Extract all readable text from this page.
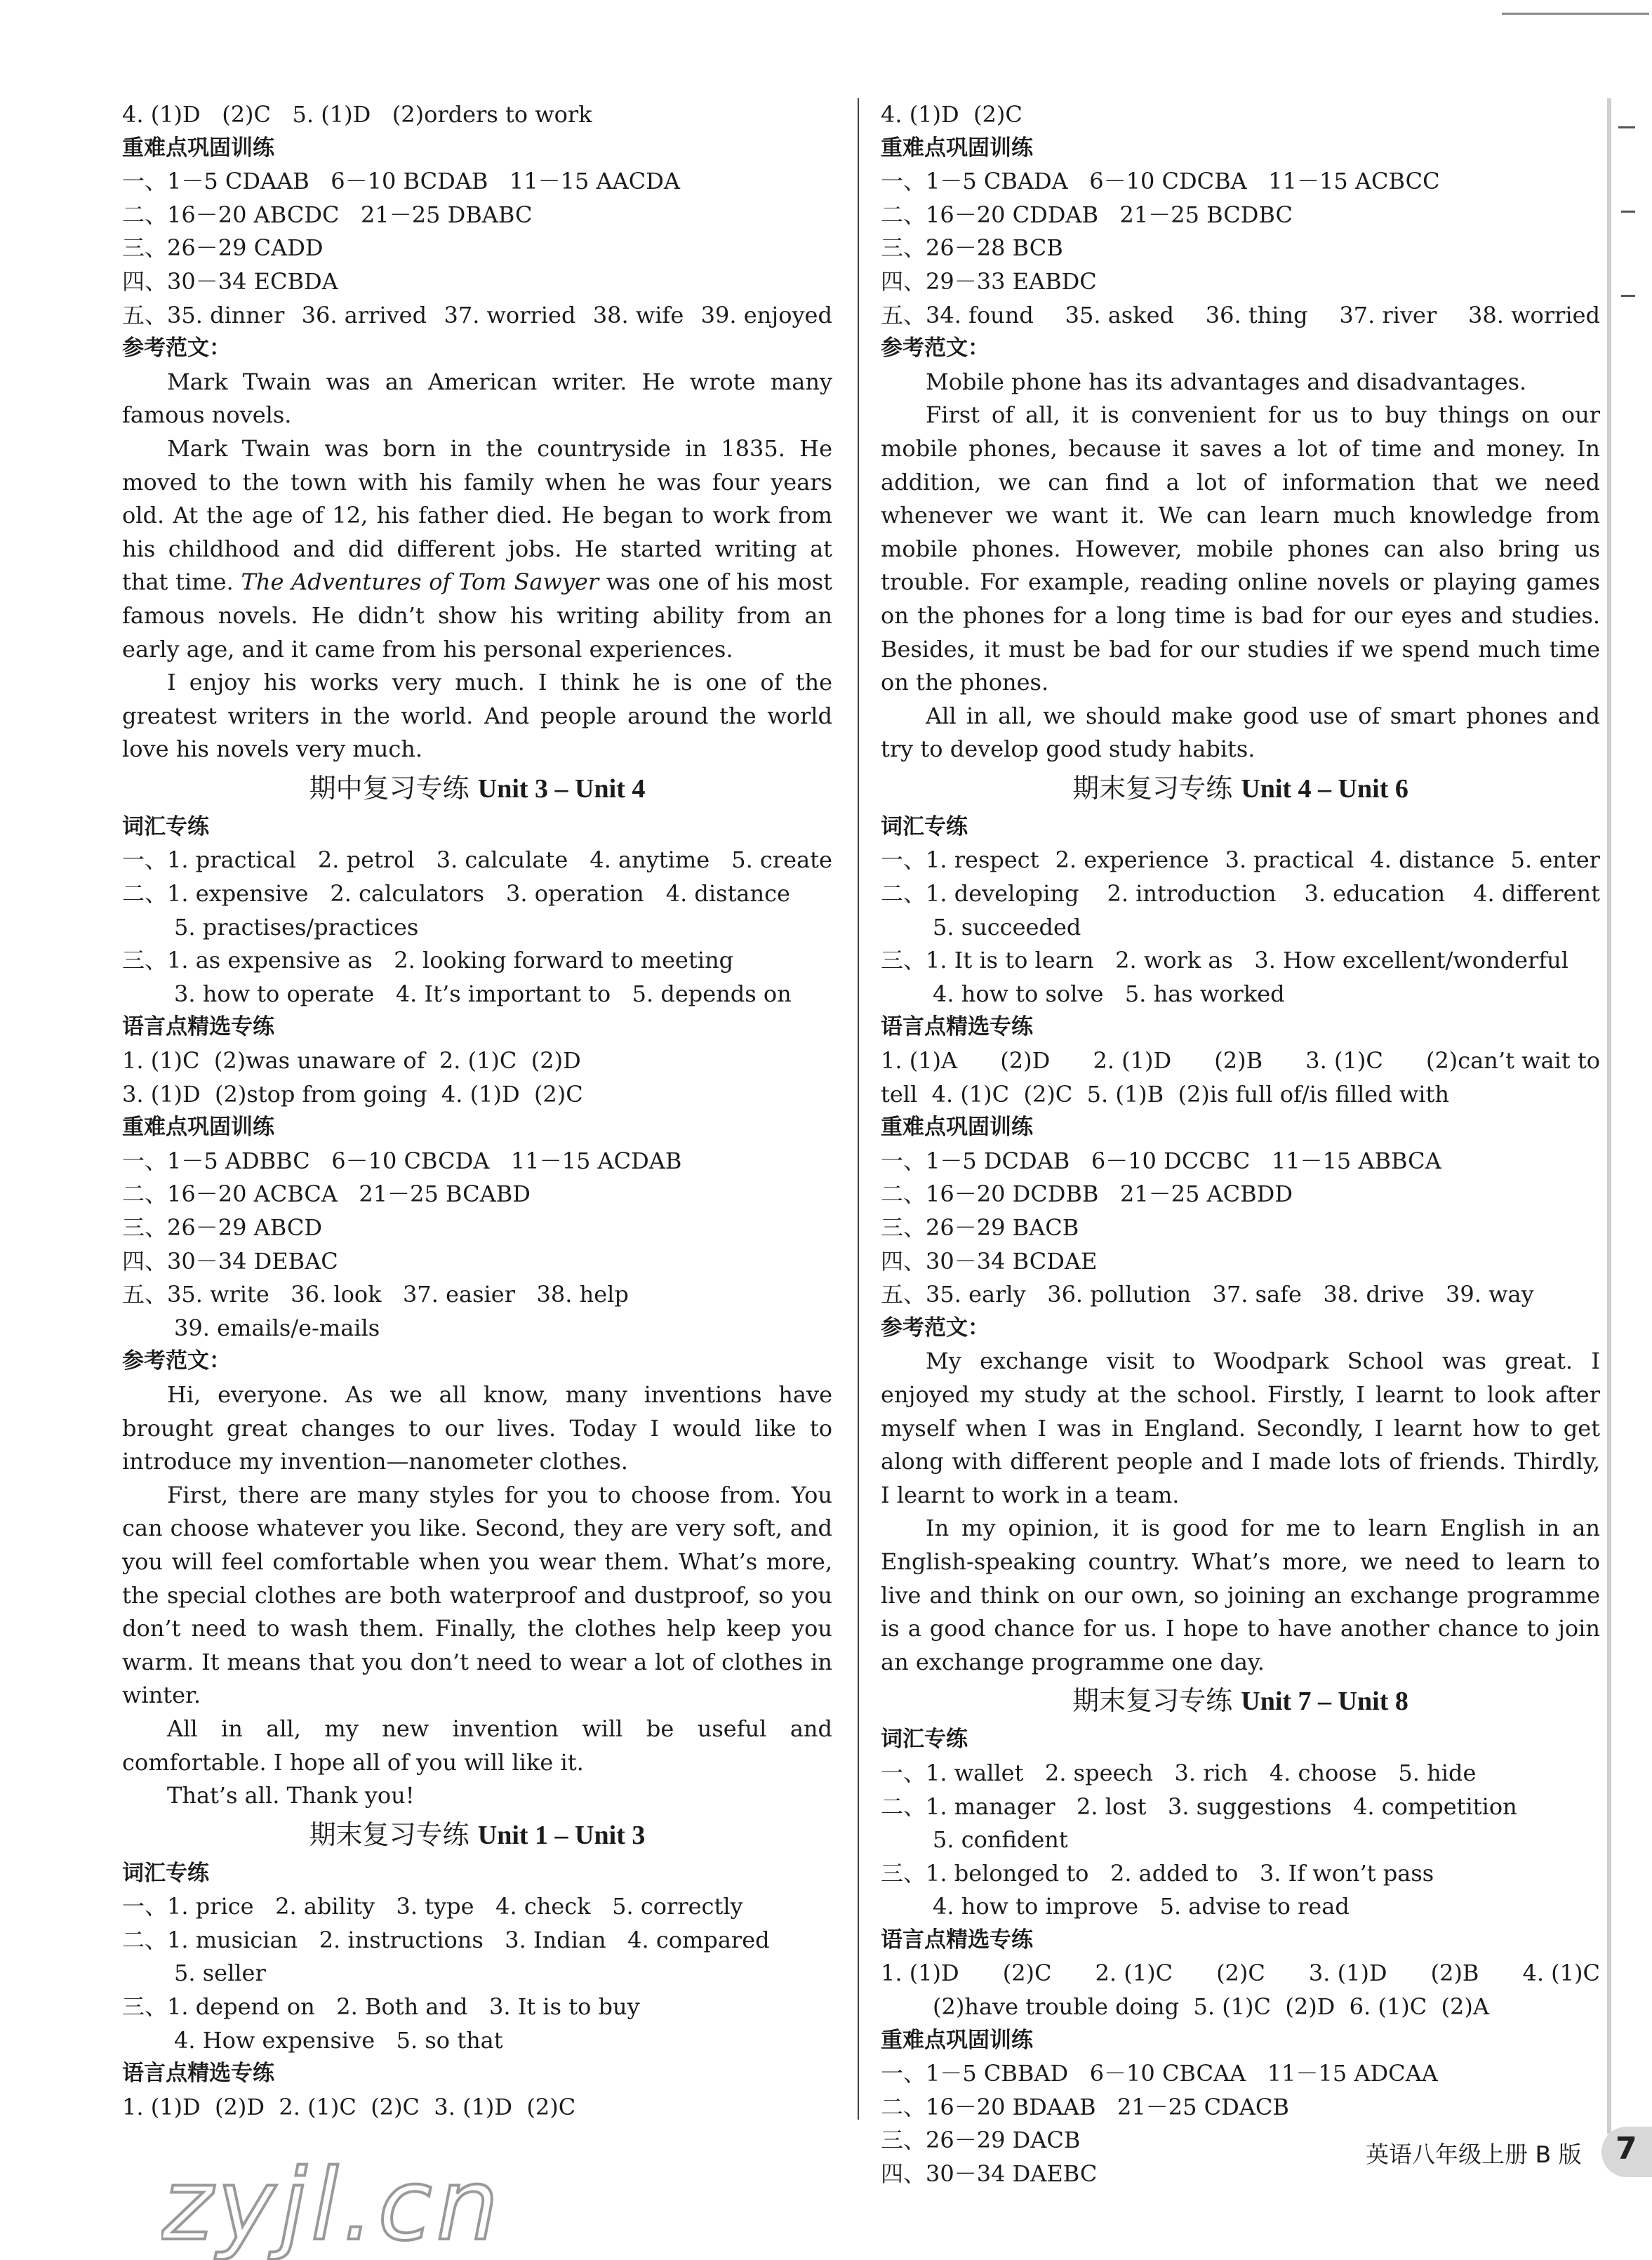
4. (1)D (2)C 5. (1)D (2)orders to work
重难点巩固训练
一、1－5 CDAAB   6－10 BCDAB   11－15 AACDA
二、16－20 ABCDC   21－25 DBABC
三、26－29 CADD
四、30－34 ECBDA
五、35. dinner 36. arrived 37. worried 38. wife 39. enjoyed
参考范文：
Mark Twain was an American writer. He wrote many famous novels.
Mark Twain was born in the countryside in 1835. He moved to the town with his family when he was four years old. At the age of 12, his father died. He began to work from his childhood and did different jobs. He started writing at that time. The Adventures of Tom Sawyer was one of his most famous novels. He didn’t show his writing ability from an early age, and it came from his personal experiences.
I enjoy his works very much. I think he is one of the greatest writers in the world. And people around the world love his novels very much.
期中复习专练 Unit 3 – Unit 4
词汇专练
一、1. practical 2. petrol 3. calculate 4. anytime 5. create
二、1. expensive 2. calculators 3. operation 4. distance
5. practises/practices
三、1. as expensive as 2. looking forward to meeting
3. how to operate   4. It’s important to   5. depends on
语言点精选专练
1. (1)C  (2)was unaware of  2. (1)C  (2)D
3. (1)D  (2)stop from going  4. (1)D  (2)C
重难点巩固训练
一、1－5 ADBBC   6－10 CBCDA   11－15 ACDAB
二、16－20 ACBCA   21－25 BCABD
三、26－29 ABCD
四、30－34 DEBAC
五、35. write   36. look   37. easier   38. help
39. emails/e-mails
参考范文：
Hi, everyone. As we all know, many inventions have brought great changes to our lives. Today I would like to introduce my invention—nanometer clothes.
First, there are many styles for you to choose from. You can choose whatever you like. Second, they are very soft, and you will feel comfortable when you wear them. What’s more, the special clothes are both waterproof and dustproof, so you don’t need to wash them. Finally, the clothes help keep you warm. It means that you don’t need to wear a lot of clothes in winter.
All in all, my new invention will be useful and comfortable. I hope all of you will like it.
That’s all. Thank you!
期末复习专练 Unit 1 – Unit 3
词汇专练
一、1. price 2. ability 3. type 4. check 5. correctly
二、1. musician 2. instructions 3. Indian 4. compared
5. seller
三、1. depend on 2. Both and 3. It is to buy
4. How expensive   5. so that
语言点精选专练
1. (1)D  (2)D  2. (1)C  (2)C  3. (1)D  (2)C
4. (1)D  (2)C
重难点巩固训练
一、1－5 CBADA   6－10 CDCBA   11－15 ACBCC
二、16－20 CDDAB   21－25 BCDBC
三、26－28 BCB
四、29－33 EABDC
五、34. found 35. asked 36. thing 37. river 38. worried
参考范文：
Mobile phone has its advantages and disadvantages.
First of all, it is convenient for us to buy things on our mobile phones, because it saves a lot of time and money. In addition, we can find a lot of information that we need whenever we want it. We can learn much knowledge from mobile phones. However, mobile phones can also bring us trouble. For example, reading online novels or playing games on the phones for a long time is bad for our eyes and studies. Besides, it must be bad for our studies if we spend much time on the phones.
All in all, we should make good use of smart phones and try to develop good study habits.
期末复习专练 Unit 4 – Unit 6
词汇专练
一、1. respect 2. experience 3. practical 4. distance 5. enter
二、1. developing 2. introduction 3. education 4. different
5. succeeded
三、1. It is to learn   2. work as   3. How excellent/wonderful
4. how to solve   5. has worked
语言点精选专练
1. (1)A (2)D 2. (1)D (2)B 3. (1)C (2)can’t wait to
tell  4. (1)C  (2)C  5. (1)B  (2)is full of/is filled with
重难点巩固训练
一、1－5 DCDAB   6－10 DCCBC   11－15 ABBCA
二、16－20 DCDBB   21－25 ACBDD
三、26－29 BACB
四、30－34 BCDAE
五、35. early   36. pollution   37. safe   38. drive   39. way
参考范文：
My exchange visit to Woodpark School was great. I enjoyed my study at the school. Firstly, I learnt to look after myself when I was in England. Secondly, I learnt how to get along with different people and I made lots of friends. Thirdly, I learnt to work in a team.
In my opinion, it is good for me to learn English in an English-speaking country. What’s more, we need to learn to live and think on our own, so joining an exchange programme is a good chance for us. I hope to have another chance to join an exchange programme one day.
期末复习专练 Unit 7 – Unit 8
词汇专练
一、1. wallet   2. speech   3. rich   4. choose   5. hide
二、1. manager   2. lost   3. suggestions   4. competition
5. confident
三、1. belonged to   2. added to   3. If won’t pass
4. how to improve   5. advise to read
语言点精选专练
1. (1)D (2)C 2. (1)C (2)C 3. (1)D (2)B 4. (1)C
(2)have trouble doing  5. (1)C  (2)D  6. (1)C  (2)A
重难点巩固训练
一、1－5 CBBAD   6－10 CBCAA   11－15 ADCAA
二、16－20 BDAAB   21－25 CDACB
三、26－29 DACB
四、30－34 DAEBC
英语八年级上册 B 版 7
zyjl.cn
